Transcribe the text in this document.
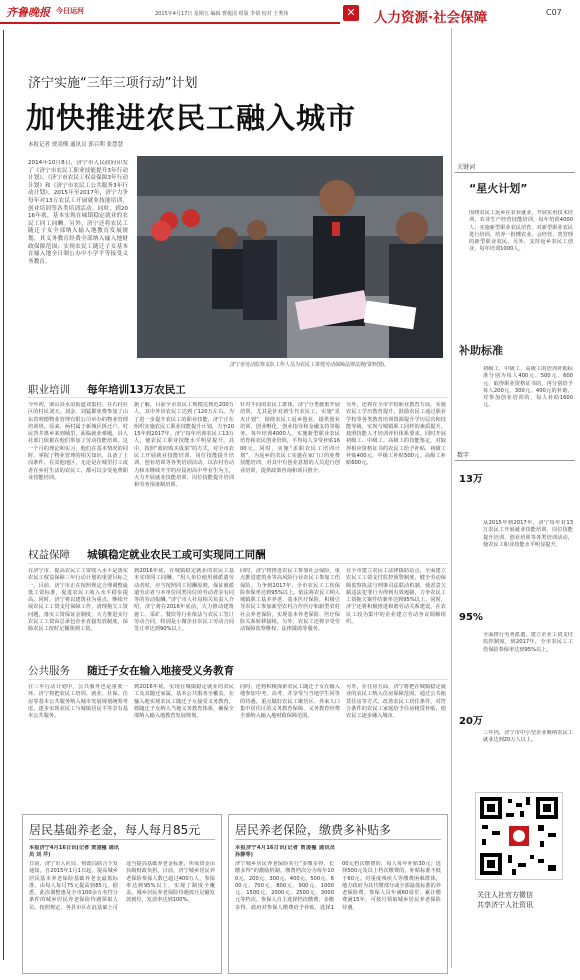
齐鲁晚报 今日运河	2015年4月17日 星期五 编辑 曹俊国 组版 李倩 校对 王秀伟	✕ 人力资源·社会保障	C07
济宁实施“三年三项行动”计划
加快推进农民工融入城市
本报记者 贾凌槿 通讯员 郭召利 张慧慧
2014年10月8日，济宁市人民政府印发了《济宁市农民工职业技能提升3年行动计划》、《济宁市农民工权益保障3年行动计划》和《济宁市农民工公共服务3年行动计划》。2015年至2017年，济宁力争每年对13万农民工开展就业技能培训，创业培训等各类培训活动。同时，到2016年底，基本实现在城镇稳定就业的农民工同工同酬。另外，济宁还将农民工随迁子女全部纳入输入地教育发展规划，其义务教育经费全部纳入输入地财政保障范围；实现农民工随迁子女基本在输入地全日制公办中小学平等接受义务教育。
济宁市劳动监察支队工作人员为农民工讲授劳动保障法律法规(资料图)。
职业培训 每年培训13万农民工
今年初，梁山县水泊街道刘集村、在石村社区的村民刘天、刘金、刘猛都免费参加了山东省明德物业管理有限公司举办的物业管理培训班。原来，两村属于新城区拆迁户，村民背井离乡来到城里，面临就业难题。县人社部门依据在他们参加了劳动技能培训。这一个月的理论和实习，他们在基本情况的同时，掌握了物业管理的相关知识，具备了上岗条件。在其他地区，无论是在城里打工或者在乡村生活的农民工，都可以享受免费职业技能培训。
据了解，目前全市农民工规模达到近200万人，其中外出农民工达到了120万左右。为了进一步提升农民工的职业技能，济宁正在组织实施农民工职业技能提升计划，力争2015年到2017年，济宁每年培训农民工13万人，使农民工职业技能水平明显提升。其中，按照“政府购买成果”的方式，对全市农民工开展就业技能培训、岗位技能提升培训、创业培训等各类培训活动。以农村劳动力和未继续升学的应届初高中毕业生为主，大力开展就业技能培训、岗位技能提升培训和劳务预备制培训。
针对不同的农民工群体，济宁分类施策开展培训，尤其是针对新生代农民工，实施“星火计划”，围绕农民工返乡创业，提供创业培训、创业孵化、创业指导和金融支持等服务。每年培训4000人，实施新型职业农民培育和农民创业培训，平均每人享受补贴1600元。同时，实施“求职农民工培训计划”，为返乡的农民工实施在家门口的免费技能培训，对其中有创业意愿的人员进行创业培训，提供政策咨询和项目推介。
另外，还将在全市学校职业教育方面，实施农民工学历教育提升，鼓励农民工通过职业学校等各类教育培训资源提升学历层次和技能等级，实现与城镇职工同样的素质提升。按照技能人才培训评价体系要求，同时开展初级工、中级工、高级工的技能鉴定，对取得相应资格证书的农民工给予补贴，初级工补贴400元，中级工补贴500元，高级工补贴600元。
权益保障 城镇稳定就业农民工或可实现同工同酬
在济宁市，提高农民工工资收入水平是落实农民工权益保障三年行动计划的重要目标之一。目前，济宁市正在按照规定合理调整最低工资标准，促进农民工收入水平稳步提高。同时，济宁将以建筑业为重点，继续开展农民工工资支付保障工作，清理拖欠工资问题，落实工资保证金制度，大力推进实行农民工工资由总承包企业直接发放制度，保障农民工按时足额领到工资。
到2016年底，在城镇稳定就业的农民工基本实现同工同酬。“用人单位使用被派遣劳动者时，应当按照同工同酬原则，保证被派遣劳动者与本单位同类岗位的劳动者享有同等的劳动报酬。”济宁市人社局相关负责人介绍，济宁将在2016年底前，大力推动建筑施工、采矿、餐饮等行业依法与农民工签订劳动合同，特别是小微企业农民工劳动合同签订率达到90%以上。
同时，济宁将推进农民工参加社会保险，重点推进建筑业等高风险行业农民工参加工伤保险。力争到2017年，全市农民工工伤保险参保率达到95%以上。依法将农民工纳入城镇职工基本养老、基本医疗保险，积极引导农民工参加新型农村合作医疗和新型农村社会养老保险，实现基本养老保险、医疗保险关系转移接续。另外，农民工还将享受劳动保障监察维权、法律援助等服务。
在全市建立农民工法律援助站点，全面建立农民工工资支付监控预警制度，健全劳动保障监察执法与刑事司法联动机制，使恶意欠薪违法犯罪行为得到有效遏制，力争农民工工资拖欠案件结案率达到95%以上。同时，济宁还将积极推进和谐劳动关系建设，在农民工较为集中的企业建立劳动争议调解组织。
公共服务 随迁子女在输入地接受义务教育
在三年行动计划中，公共服务也是重要一环。济宁将把农民工培训、就业、社保、住房等基本公共服务纳入城市发展规划统筹考虑，逐步实现农民工与城镇居民平等享有基本公共服务。
到2016年底，实现在城镇稳定就业的农民工及其随迁家属，基本公共服务全覆盖。在输入地实现农民工随迁子女接受义务教育，将随迁子女纳入当地义务教育体系，确保全部纳入输入地教育发展规划。
同时，还将积极探索农民工随迁子女在输入地参加中考、高考，并享受与当地学生同等的待遇。重点做好农民工聚居区、外来人口集中居住区的义务教育保障，义务教育经费全部纳入输入地财政保障范围。
另外，在住房方面，济宁将把在城镇稳定就业的农民工纳入住房保障范围，通过公共租赁住房等方式，改善农民工居住条件，对符合条件的农民工家庭给予住房租赁补贴，使农民工逐步融入城市。
居民基础养老金，每人每月85元
本报济宁4月16日讯(记者 贾凌槿 通讯员 刘 芹)
日前，济宁市人社局、财政局联合下发通知，自2015年1月1日起，提高城乡居民基本养老保险基础养老金最低标准，由每人每月75元提高到85元。据悉，此次调整惠及全市100余万名符合条件的城乡居民养老保险待遇领取人员。按照规定，各县市区在此基础上可适当提高基础养老金标准，所需资金由县级财政负担。目前，济宁城乡居民养老保险参保人数已超过400万人，参保率达到95%以上，实现了制度全覆盖。城乡居民养老保险待遇按月足额发放到位，发放率达到100%。
居民养老保险，缴费多补贴多
本报济宁4月16日讯(记者 贾凌槿 通讯员 孙静等)
济宁城乡居民养老保险实行“多缴多得、长缴多得”的激励机制。缴费档次分为每年100元、200元、300元、400元、500元、600元、700元、800元、900元、1000元、1500元、2000元、2500元、3000元等档次，参保人自主选择档次缴费，多缴多得。政府对参保人缴费给予补贴，选择100元档次缴费的，每人每年补贴30元；选择500元及以上档次缴费的，补贴标准不低于60元。对重度残疾人等缴费困难群体，地方政府为其代缴部分或全部最低标准的养老保险费。参保人员年满60周岁、累计缴费满15年，可按月领取城乡居民养老保险待遇。
关键词
“星火计划”
围绕农民工返乡在农业就业，开展实用技术培训，农业生产经营技能培训，每年培训4000人；实施新型职业农民培育，对新型职业农民进行培训，培养一批懂农业、会经营、善管理的新型职业农民。另外，支持返乡农民工创业，每年培训1000人。
补助标准
初级工、中级工、高级工的培训补助标准分别为每人400元、500元、600元，取得职业资格证书的，再分别给予每人200元、300元、400元的补助。对参加创业培训的，每人补助1600元。
数字
13万
从2015年到2017年，济宁每年对13万农民工开展就业技能培训、岗位技能提升培训、创业培训等各类培训活动，使农民工职业技能水平明显提升。
95%
全面推行劳务派遣，建立企业工资支付监控制度，到2017年，全市农民工工伤保险参保率达到95%以上。
20万
三年内，济宁市中小型企业吸纳农民工就业达到20万人以上。
关注人社官方微信
共享济宁人社资讯
